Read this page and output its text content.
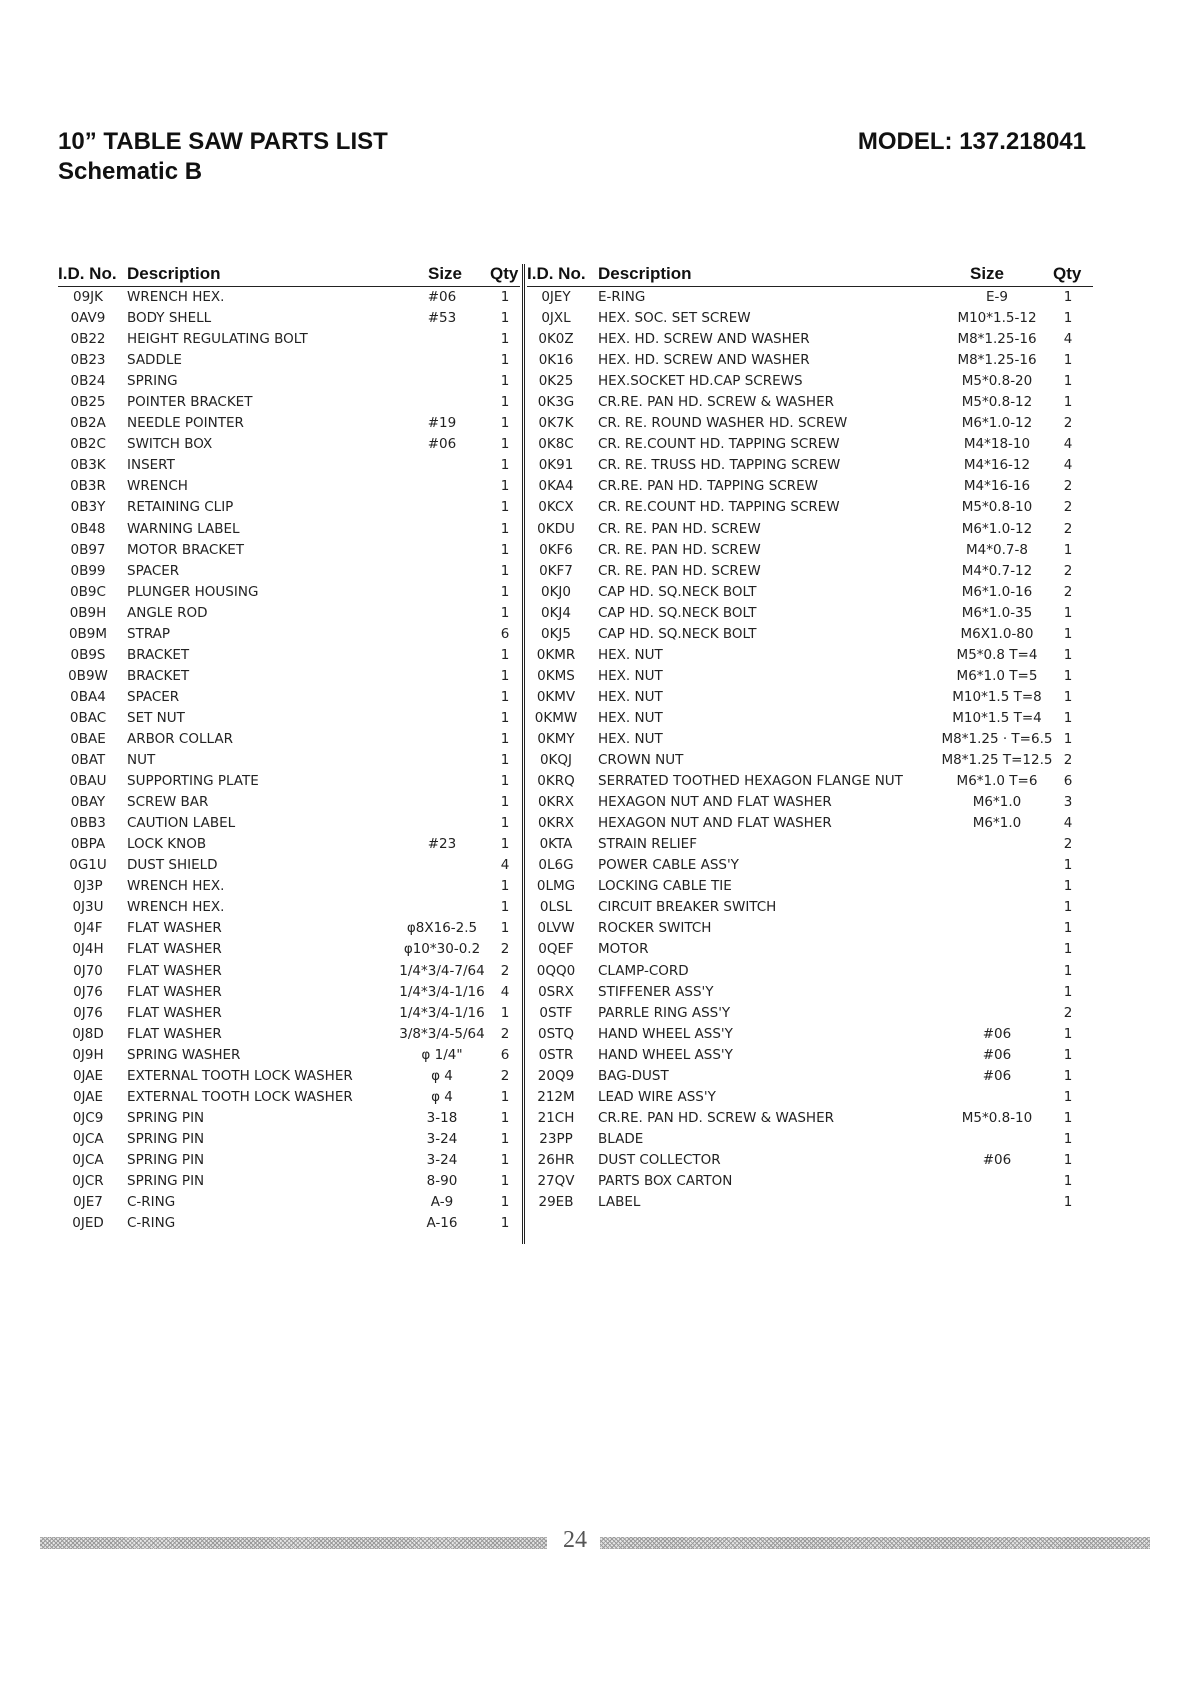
10” TABLE SAW PARTS LIST
Schematic B
MODEL: 137.218041
I.D. No. Description	Size Qty I.D. No. Description	Size	Qty
09JK	WRENCH HEX.	#06	1
0AV9	BODY SHELL	#53	1
0B22	HEIGHT REGULATING BOLT	1
0B23	SADDLE	1
0B24	SPRING	1
0B25	POINTER BRACKET	1
0B2A	NEEDLE POINTER	#19	1
0B2C	SWITCH BOX	#06	1
0B3K	INSERT	1
0B3R	WRENCH	1
0B3Y	RETAINING CLIP	1
0B48	WARNING LABEL	1
0B97	MOTOR BRACKET	1
0B99	SPACER	1
0B9C	PLUNGER HOUSING	1
0B9H	ANGLE ROD	1
0B9M	STRAP	6
0B9S	BRACKET	1
0B9W	BRACKET	1
0BA4	SPACER	1
0BAC	SET NUT	1
0BAE	ARBOR COLLAR	1
0BAT	NUT	1
0BAU	SUPPORTING PLATE	1
0BAY	SCREW BAR	1
0BB3	CAUTION LABEL	1
0BPA	LOCK KNOB	#23	1
0G1U	DUST SHIELD	4
0J3P	WRENCH HEX.	1
0J3U	WRENCH HEX.	1
0J4F	FLAT WASHER	φ8X16-2.5	1
0J4H	FLAT WASHER	φ10*30-0.2	2
0J70	FLAT WASHER	1/4*3/4-7/64	2
0J76	FLAT WASHER	1/4*3/4-1/16	4
0J76	FLAT WASHER	1/4*3/4-1/16	1
0J8D	FLAT WASHER	3/8*3/4-5/64	2
0J9H	SPRING WASHER	φ 1/4"	6
0JAE	EXTERNAL TOOTH LOCK WASHER	φ 4	2
0JAE	EXTERNAL TOOTH LOCK WASHER	φ 4	1
0JC9	SPRING PIN	3-18	1
0JCA	SPRING PIN	3-24	1
0JCA	SPRING PIN	3-24	1
0JCR	SPRING PIN	8-90	1
0JE7	C-RING	A-9	1
0JED	C-RING	A-16	1
0JEY	E-RING	E-9	1
0JXL	HEX. SOC. SET SCREW	M10*1.5-12	1
0K0Z	HEX. HD. SCREW AND WASHER	M8*1.25-16	4
0K16	HEX. HD. SCREW AND WASHER	M8*1.25-16	1
0K25	HEX.SOCKET HD.CAP SCREWS	M5*0.8-20	1
0K3G	CR.RE. PAN HD. SCREW & WASHER	M5*0.8-12	1
0K7K	CR. RE. ROUND WASHER HD. SCREW	M6*1.0-12	2
0K8C	CR. RE.COUNT HD. TAPPING SCREW	M4*18-10	4
0K91	CR. RE. TRUSS HD. TAPPING SCREW	M4*16-12	4
0KA4	CR.RE. PAN HD. TAPPING SCREW	M4*16-16	2
0KCX	CR. RE.COUNT HD. TAPPING SCREW	M5*0.8-10	2
0KDU	CR. RE. PAN HD. SCREW	M6*1.0-12	2
0KF6	CR. RE. PAN HD. SCREW	M4*0.7-8	1
0KF7	CR. RE. PAN HD. SCREW	M4*0.7-12	2
0KJ0	CAP HD. SQ.NECK BOLT	M6*1.0-16	2
0KJ4	CAP HD. SQ.NECK BOLT	M6*1.0-35	1
0KJ5	CAP HD. SQ.NECK BOLT	M6X1.0-80	1
0KMR	HEX. NUT	M5*0.8 T=4	1
0KMS	HEX. NUT	M6*1.0 T=5	1
0KMV	HEX. NUT	M10*1.5 T=8	1
0KMW	HEX. NUT	M10*1.5 T=4	1
0KMY	HEX. NUT	M8*1.25 · T=6.5 1
0KQJ	CROWN NUT	M8*1.25 T=12.5 2
0KRQ	SERRATED TOOTHED HEXAGON FLANGE NUT	M6*1.0 T=6	6
0KRX	HEXAGON NUT AND FLAT WASHER	M6*1.0	3
0KRX	HEXAGON NUT AND FLAT WASHER	M6*1.0	4
0KTA	STRAIN RELIEF	2
0L6G	POWER CABLE ASS'Y	1
0LMG	LOCKING CABLE TIE	1
0LSL	CIRCUIT BREAKER SWITCH	1
0LVW	ROCKER SWITCH	1
0QEF	MOTOR	1
0QQ0	CLAMP-CORD	1
0SRX	STIFFENER ASS'Y	1
0STF	PARRLE RING ASS'Y	2
0STQ	HAND WHEEL ASS'Y	#06	1
0STR	HAND WHEEL ASS'Y	#06	1
20Q9	BAG-DUST	#06	1
212M	LEAD WIRE ASS'Y	1
21CH	CR.RE. PAN HD. SCREW & WASHER	M5*0.8-10	1
23PP	BLADE	1
26HR	DUST COLLECTOR	#06	1
27QV	PARTS BOX CARTON	1
29EB	LABEL	1
24
